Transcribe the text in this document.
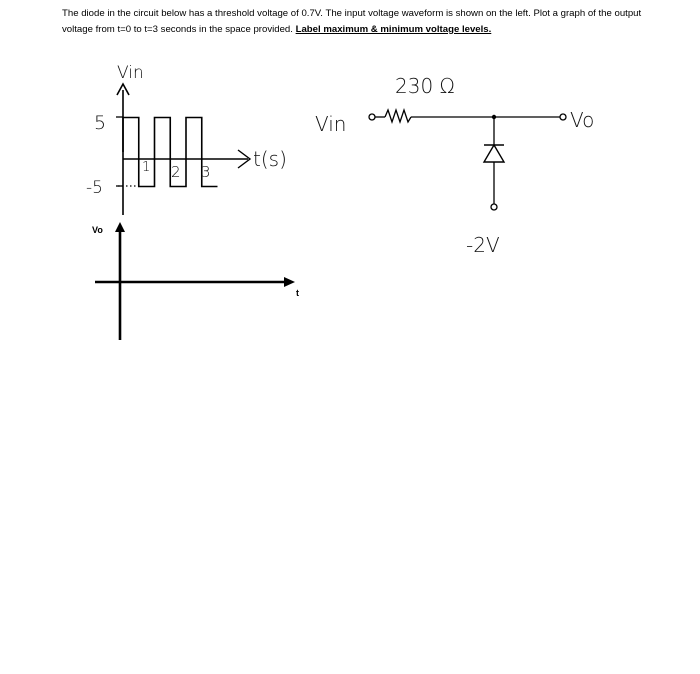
The diode in the circuit below has a threshold voltage of 0.7V. The input voltage waveform is shown on the left. Plot a graph of the output voltage from t=0 to t=3 seconds in the space provided. Label maximum & minimum voltage levels.
Vin
5
-5
1 2 3
t(s)
230 Ω
Vin	Vo
-2V
Vo
t
